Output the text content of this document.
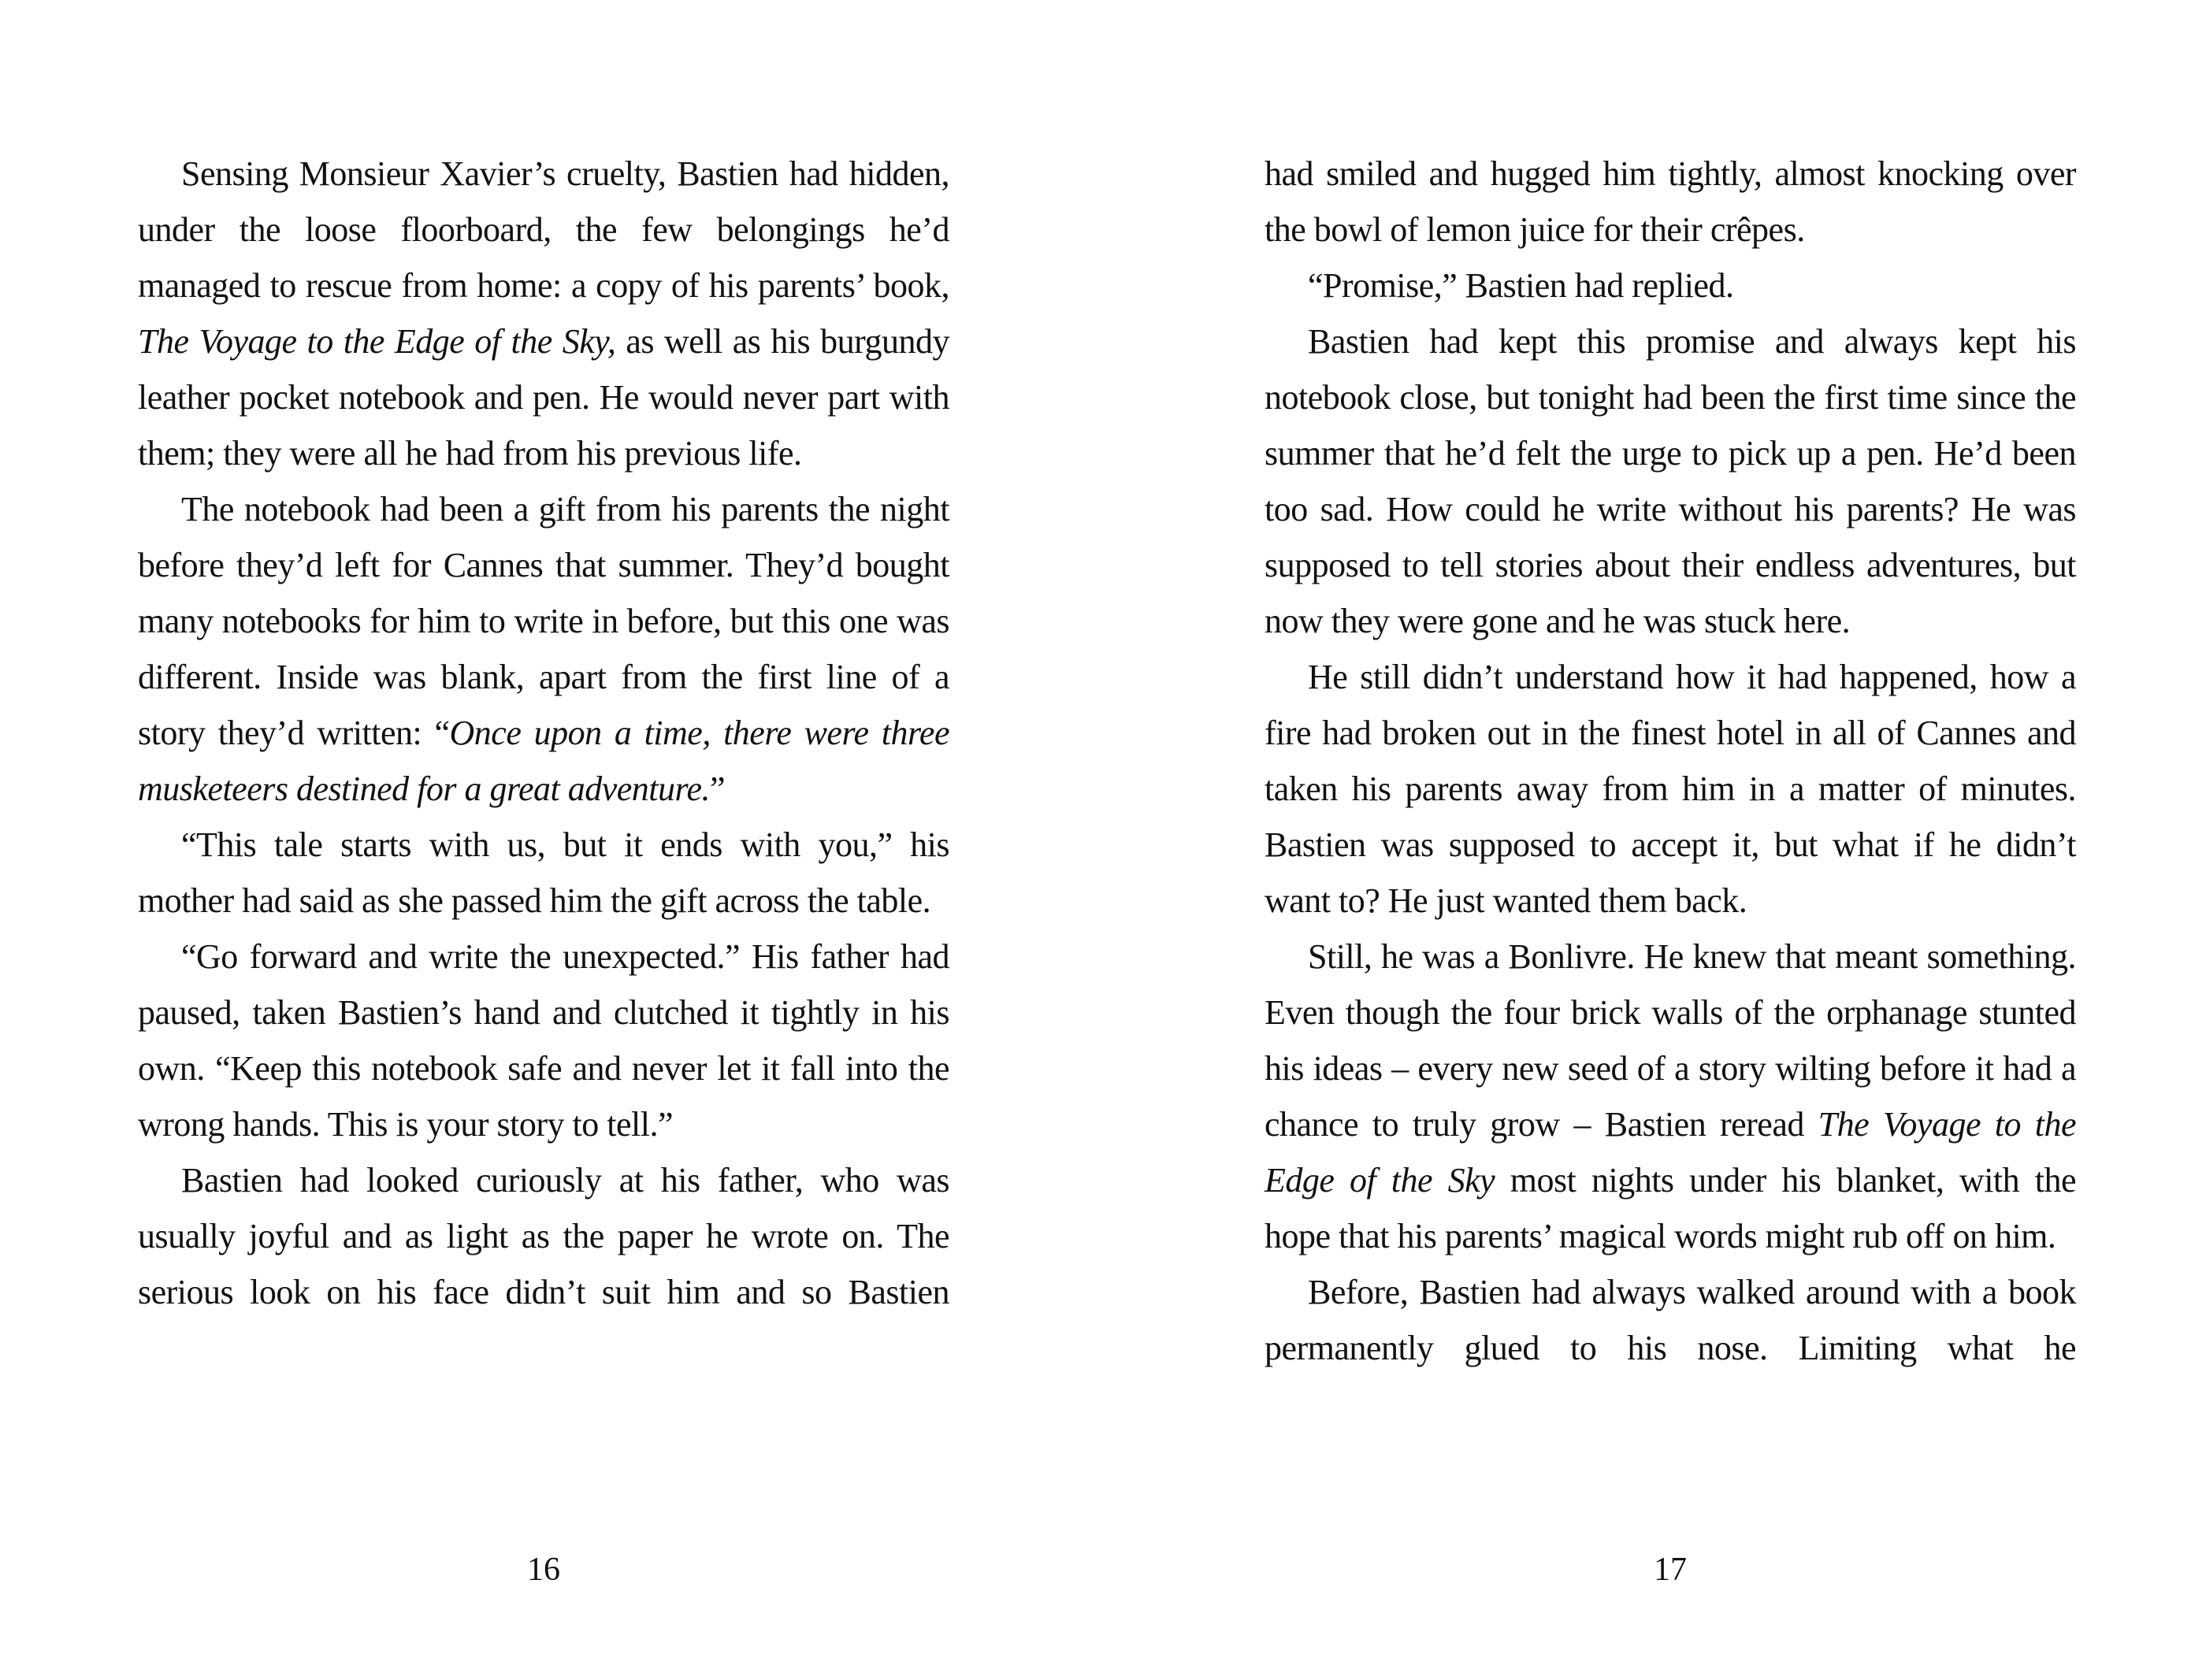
Sensing Monsieur Xavier’s cruelty, Bastien had hidden, under the loose floorboard, the few belongings he’d managed to rescue from home: a copy of his parents’ book, The Voyage to the Edge of the Sky, as well as his burgundy leather pocket notebook and pen. He would never part with them; they were all he had from his previous life.

The notebook had been a gift from his parents the night before they’d left for Cannes that summer. They’d bought many notebooks for him to write in before, but this one was different. Inside was blank, apart from the first line of a story they’d written: “Once upon a time, there were three musketeers destined for a great adventure.”

“This tale starts with us, but it ends with you,” his mother had said as she passed him the gift across the table.

“Go forward and write the unexpected.” His father had paused, taken Bastien’s hand and clutched it tightly in his own. “Keep this notebook safe and never let it fall into the wrong hands. This is your story to tell.”

Bastien had looked curiously at his father, who was usually joyful and as light as the paper he wrote on. The serious look on his face didn’t suit him and so Bastien

16

had smiled and hugged him tightly, almost knocking over the bowl of lemon juice for their crêpes.

“Promise,” Bastien had replied.

Bastien had kept this promise and always kept his notebook close, but tonight had been the first time since the summer that he’d felt the urge to pick up a pen. He’d been too sad. How could he write without his parents? He was supposed to tell stories about their endless adventures, but now they were gone and he was stuck here.

He still didn’t understand how it had happened, how a fire had broken out in the finest hotel in all of Cannes and taken his parents away from him in a matter of minutes. Bastien was supposed to accept it, but what if he didn’t want to? He just wanted them back.

Still, he was a Bonlivre. He knew that meant something. Even though the four brick walls of the orphanage stunted his ideas – every new seed of a story wilting before it had a chance to truly grow – Bastien reread The Voyage to the Edge of the Sky most nights under his blanket, with the hope that his parents’ magical words might rub off on him.

Before, Bastien had always walked around with a book permanently glued to his nose. Limiting what he

17
